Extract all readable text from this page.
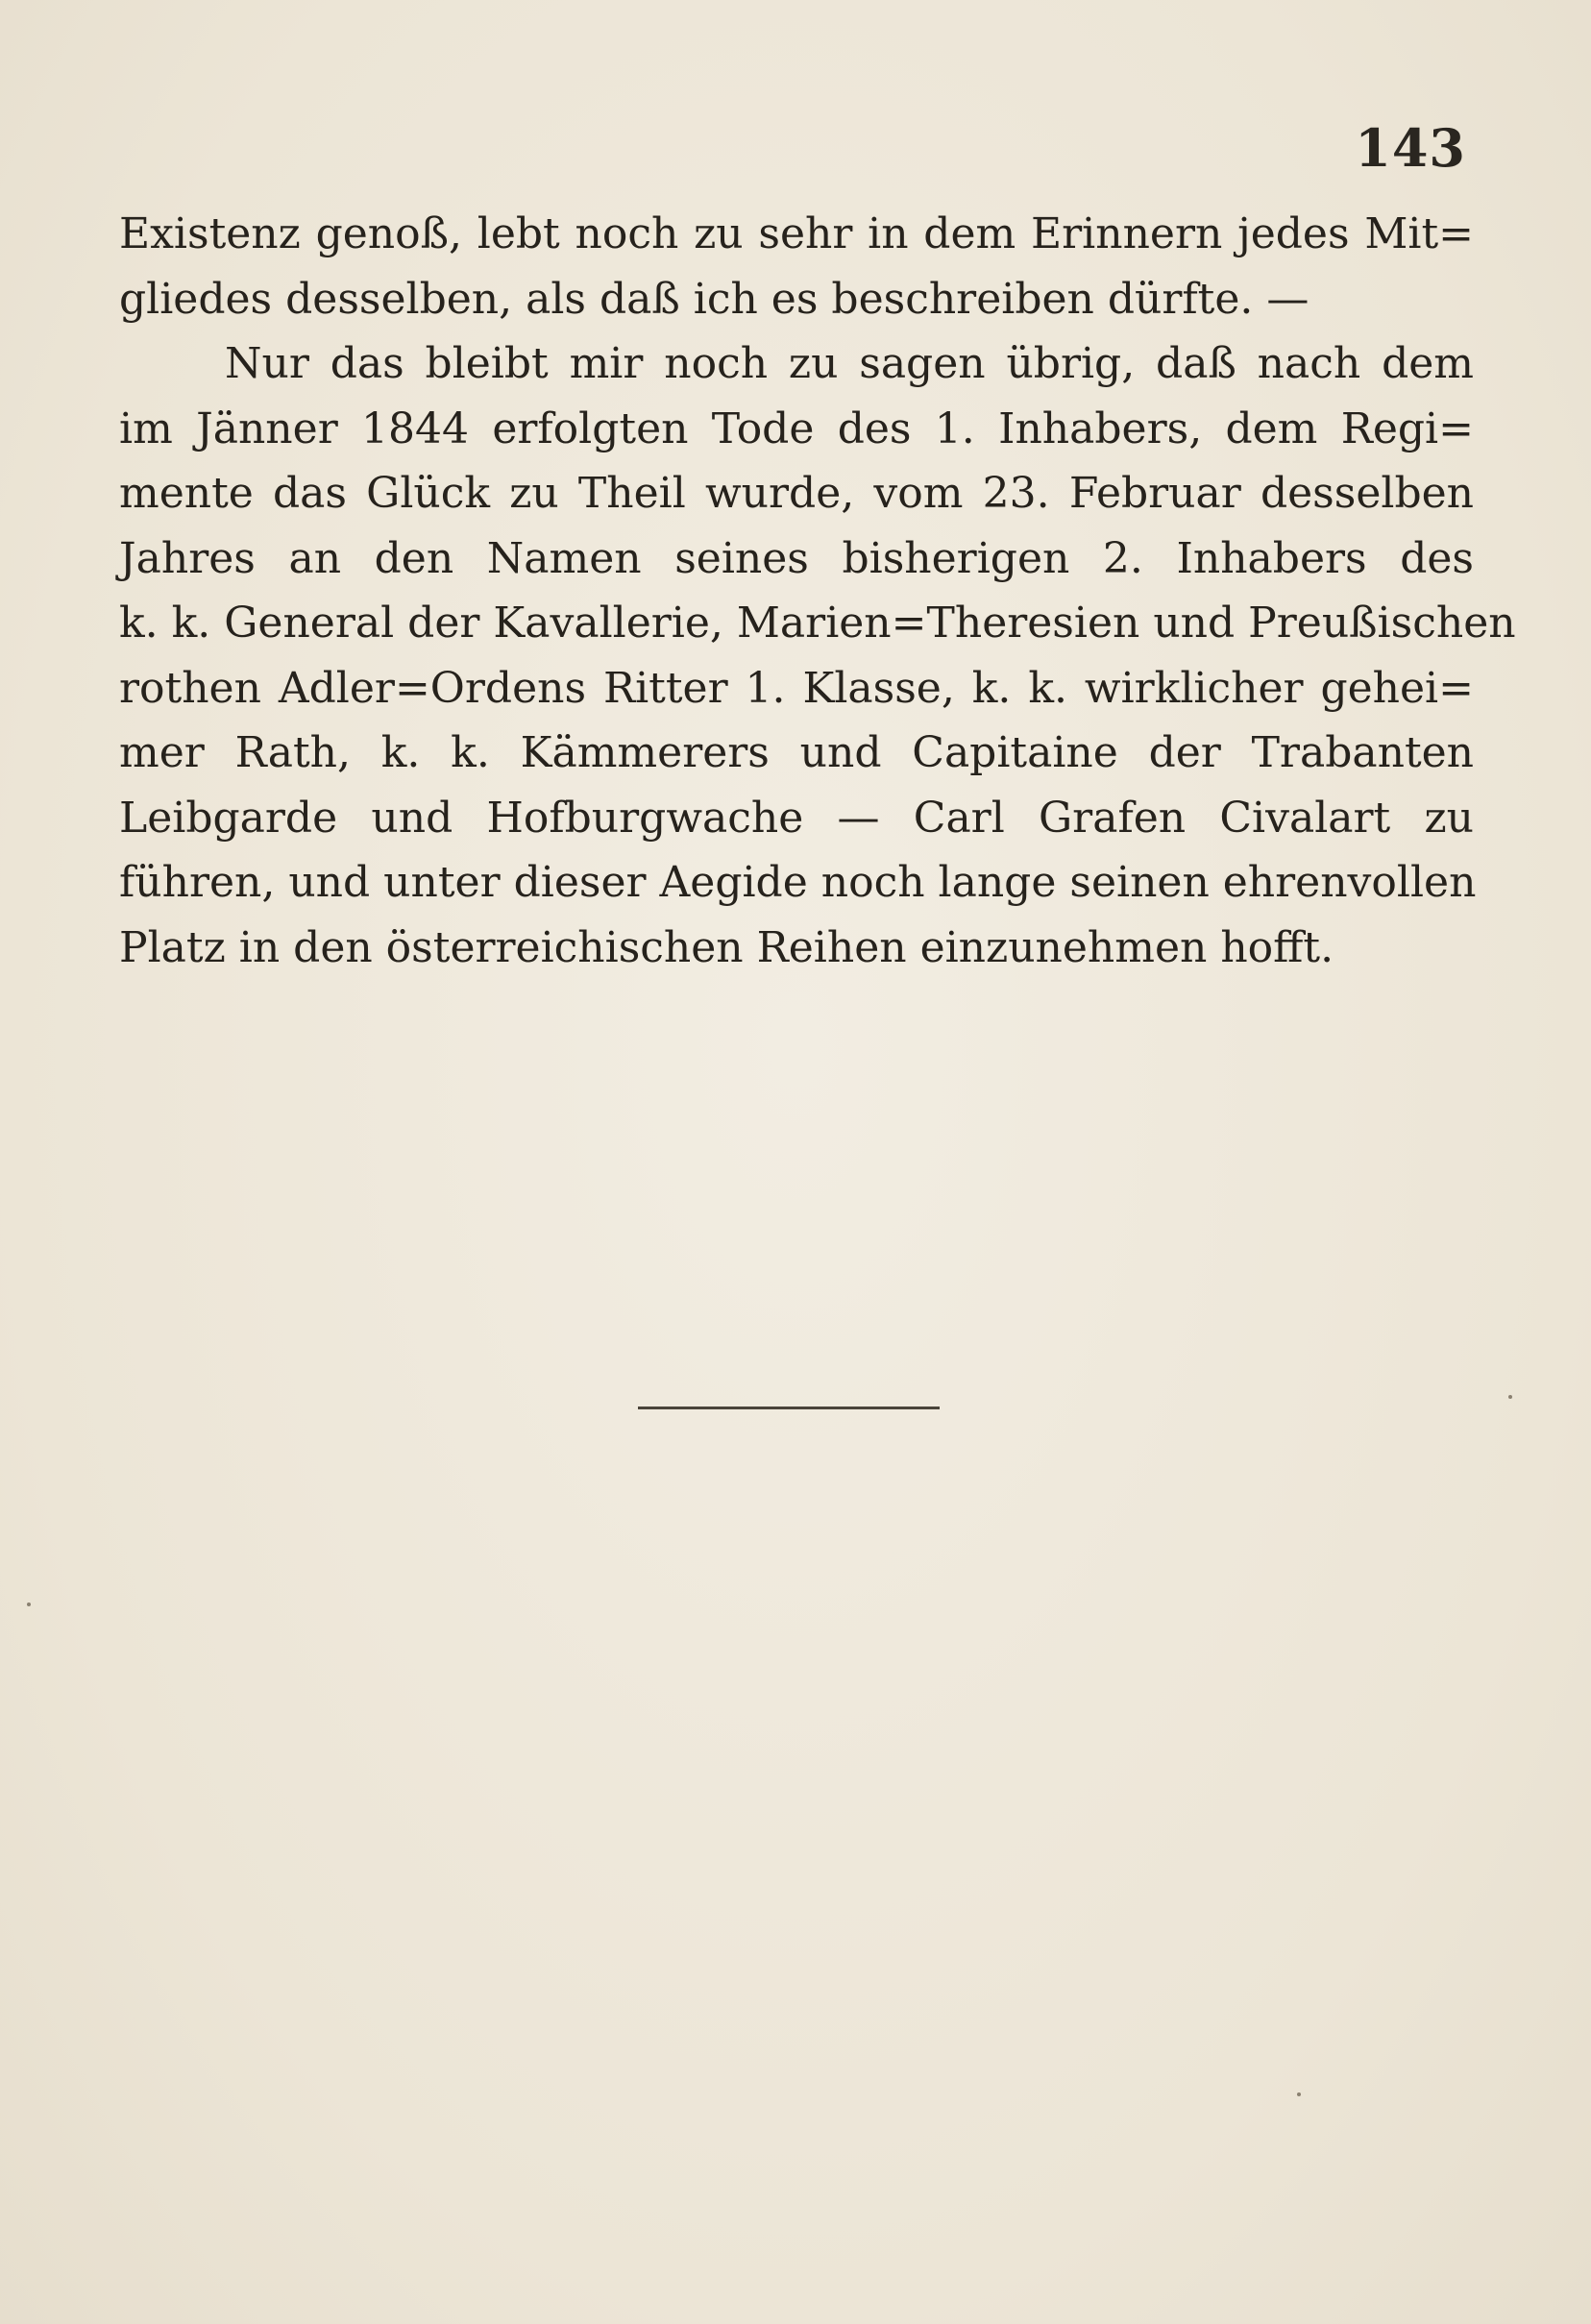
143
Existenz genoß, lebt noch zu sehr in dem Erinnern jedes Mit=
gliedes desselben, als daß ich es beschreiben dürfte. —
Nur das bleibt mir noch zu sagen übrig, daß nach dem
im Jänner 1844 erfolgten Tode des 1. Inhabers, dem Regi=
mente das Glück zu Theil wurde, vom 23. Februar desselben
Jahres an den Namen seines bisherigen 2. Inhabers des
k. k. General der Kavallerie, Marien=Theresien und Preußischen
rothen Adler=Ordens Ritter 1. Klasse, k. k. wirklicher gehei=
mer Rath, k. k. Kämmerers und Capitaine der Trabanten
Leibgarde und Hofburgwache — Carl Grafen Civalart zu
führen, und unter dieser Aegide noch lange seinen ehrenvollen
Platz in den österreichischen Reihen einzunehmen hofft.
